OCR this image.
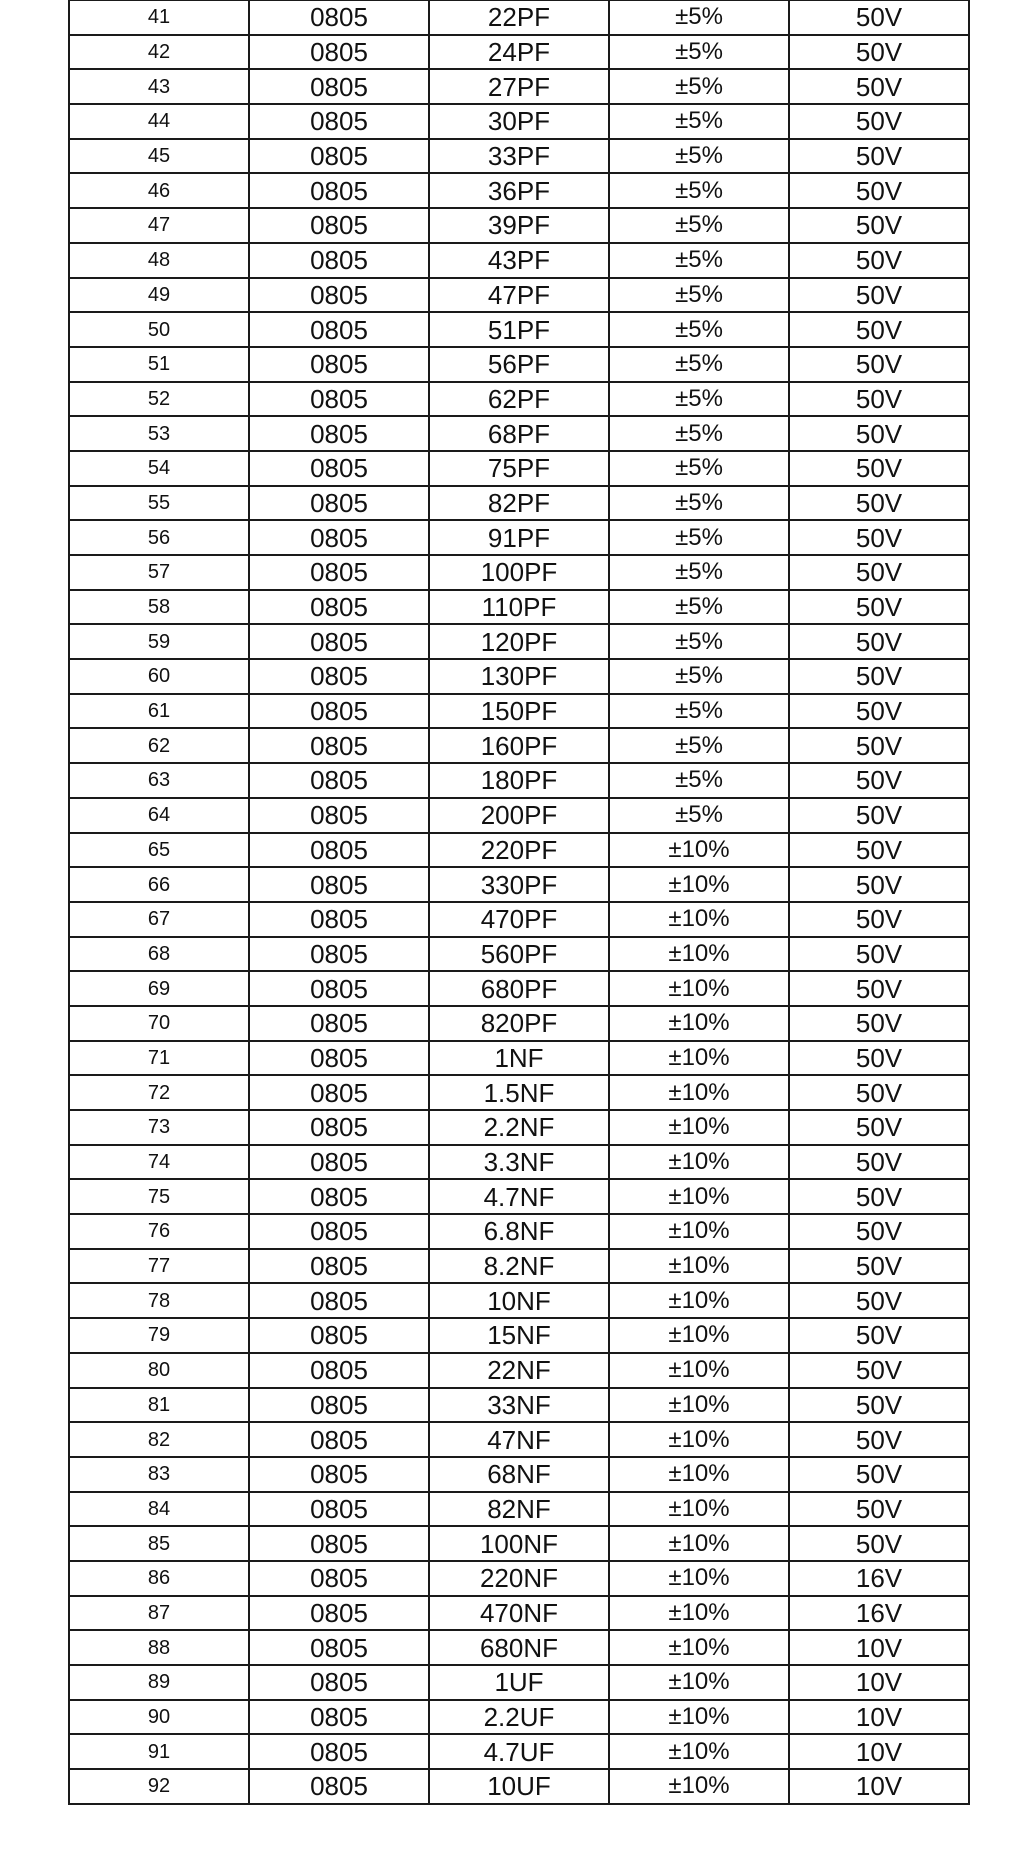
41	0805	22PF	±5%	50V
42	0805	24PF	±5%	50V
43	0805	27PF	±5%	50V
44	0805	30PF	±5%	50V
45	0805	33PF	±5%	50V
46	0805	36PF	±5%	50V
47	0805	39PF	±5%	50V
48	0805	43PF	±5%	50V
49	0805	47PF	±5%	50V
50	0805	51PF	±5%	50V
51	0805	56PF	±5%	50V
52	0805	62PF	±5%	50V
53	0805	68PF	±5%	50V
54	0805	75PF	±5%	50V
55	0805	82PF	±5%	50V
56	0805	91PF	±5%	50V
57	0805	100PF	±5%	50V
58	0805	110PF	±5%	50V
59	0805	120PF	±5%	50V
60	0805	130PF	±5%	50V
61	0805	150PF	±5%	50V
62	0805	160PF	±5%	50V
63	0805	180PF	±5%	50V
64	0805	200PF	±5%	50V
65	0805	220PF	±10%	50V
66	0805	330PF	±10%	50V
67	0805	470PF	±10%	50V
68	0805	560PF	±10%	50V
69	0805	680PF	±10%	50V
70	0805	820PF	±10%	50V
71	0805	1NF	±10%	50V
72	0805	1.5NF	±10%	50V
73	0805	2.2NF	±10%	50V
74	0805	3.3NF	±10%	50V
75	0805	4.7NF	±10%	50V
76	0805	6.8NF	±10%	50V
77	0805	8.2NF	±10%	50V
78	0805	10NF	±10%	50V
79	0805	15NF	±10%	50V
80	0805	22NF	±10%	50V
81	0805	33NF	±10%	50V
82	0805	47NF	±10%	50V
83	0805	68NF	±10%	50V
84	0805	82NF	±10%	50V
85	0805	100NF	±10%	50V
86	0805	220NF	±10%	16V
87	0805	470NF	±10%	16V
88	0805	680NF	±10%	10V
89	0805	1UF	±10%	10V
90	0805	2.2UF	±10%	10V
91	0805	4.7UF	±10%	10V
92	0805	10UF	±10%	10V
